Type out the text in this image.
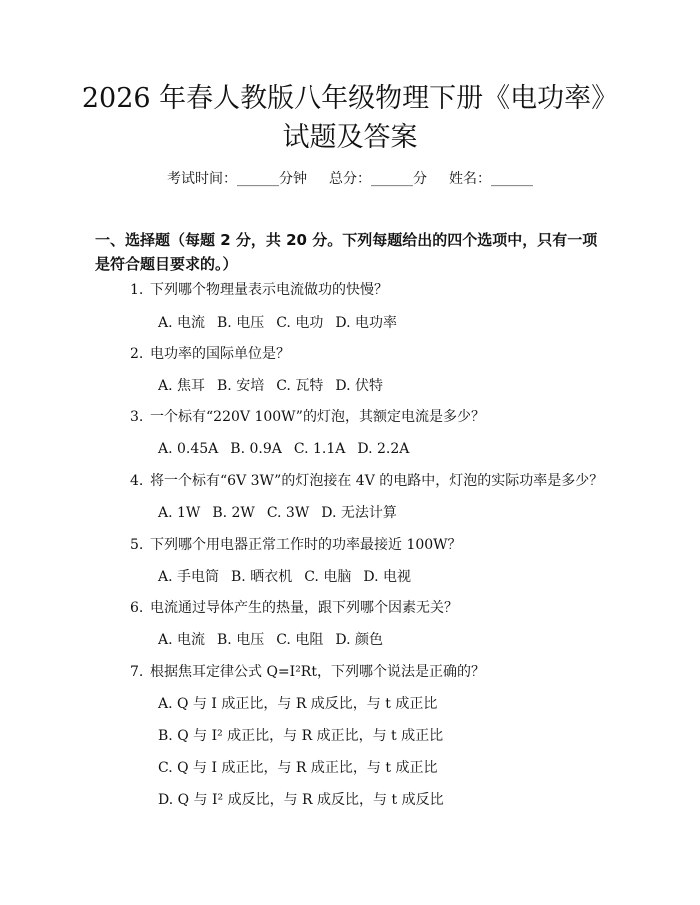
2026 年春人教版八年级物理下册《电功率》
试题及答案
考试时间：______分钟 总分：______分 姓名：______
一、选择题（每题 2 分，共 20 分。下列每题给出的四个选项中，只有一项是符合题目要求的。）
1. 下列哪个物理量表示电流做功的快慢？
A. 电流 B. 电压 C. 电功 D. 电功率
2. 电功率的国际单位是？
A. 焦耳 B. 安培 C. 瓦特 D. 伏特
3. 一个标有“220V 100W”的灯泡，其额定电流是多少？
A. 0.45A B. 0.9A C. 1.1A D. 2.2A
4. 将一个标有“6V 3W”的灯泡接在 4V 的电路中，灯泡的实际功率是多少？
A. 1W B. 2W C. 3W D. 无法计算
5. 下列哪个用电器正常工作时的功率最接近 100W？
A. 手电筒 B. 晒衣机 C. 电脑 D. 电视
6. 电流通过导体产生的热量，跟下列哪个因素无关？
A. 电流 B. 电压 C. 电阻 D. 颜色
7. 根据焦耳定律公式 Q=I²Rt，下列哪个说法是正确的？
A. Q 与 I 成正比，与 R 成反比，与 t 成正比
B. Q 与 I² 成正比，与 R 成正比，与 t 成正比
C. Q 与 I 成正比，与 R 成正比，与 t 成正比
D. Q 与 I² 成反比，与 R 成反比，与 t 成反比
